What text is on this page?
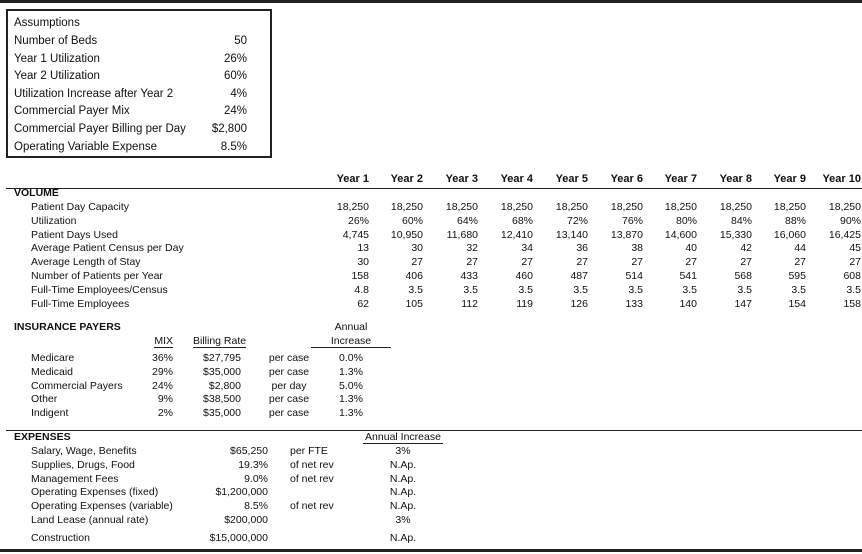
Assumptions
Number of Beds	50
Year 1 Utilization	26%
Year 2 Utilization	60%
Utilization Increase after Year 2	4%
Commercial Payer Mix	24%
Commercial Payer Billing per Day $2,800
Operating Variable Expense	8.5%
Year 1 Year 2 Year 3 Year 4 Year 5 Year 6 Year 7 Year 8 Year 9 Year 10
VOLUME
Patient Day Capacity	18,250 18,250 18,250 18,250 18,250 18,250 18,250 18,250 18,250 18,250
Utilization	26%	60%	64%	68%	72%	76%	80%	84%	88%	90%
Patient Days Used	4,745 10,950 11,680 12,410 13,140 13,870 14,600 15,330 16,060 16,425
Average Patient Census per Day	13	30	32	34	36	38	40	42	44	45
Average Length of Stay	30	27	27	27	27	27	27	27	27	27
Number of Patients per Year	158	406	433	460	487	514	541	568	595	608
Full-Time Employees/Census	4.8	3.5	3.5	3.5	3.5	3.5	3.5	3.5	3.5	3.5
Full-Time Employees	62	105	112	119	126	133	140	147	154	158
INSURANCE PAYERS
MIX Billing Rate
Annual
Increase
Medicare	36%	$27,795	per case	0.0%
Medicaid	29%	$35,000	per case	1.3%
Commercial Payers	24%	$2,800	per day	5.0%
Other	9%	$38,500	per case	1.3%
Indigent	2%	$35,000	per case	1.3%
EXPENSES	Annual Increase
Salary, Wage, Benefits	$65,250 per FTE	3%
Supplies, Drugs, Food	19.3% of net rev	N.Ap.
Management Fees	9.0% of net rev	N.Ap.
Operating Expenses (fixed)	$1,200,000	N.Ap.
Operating Expenses (variable)	8.5% of net rev	N.Ap.
Land Lease (annual rate)	$200,000	3%
Construction	$15,000,000	N.Ap.
